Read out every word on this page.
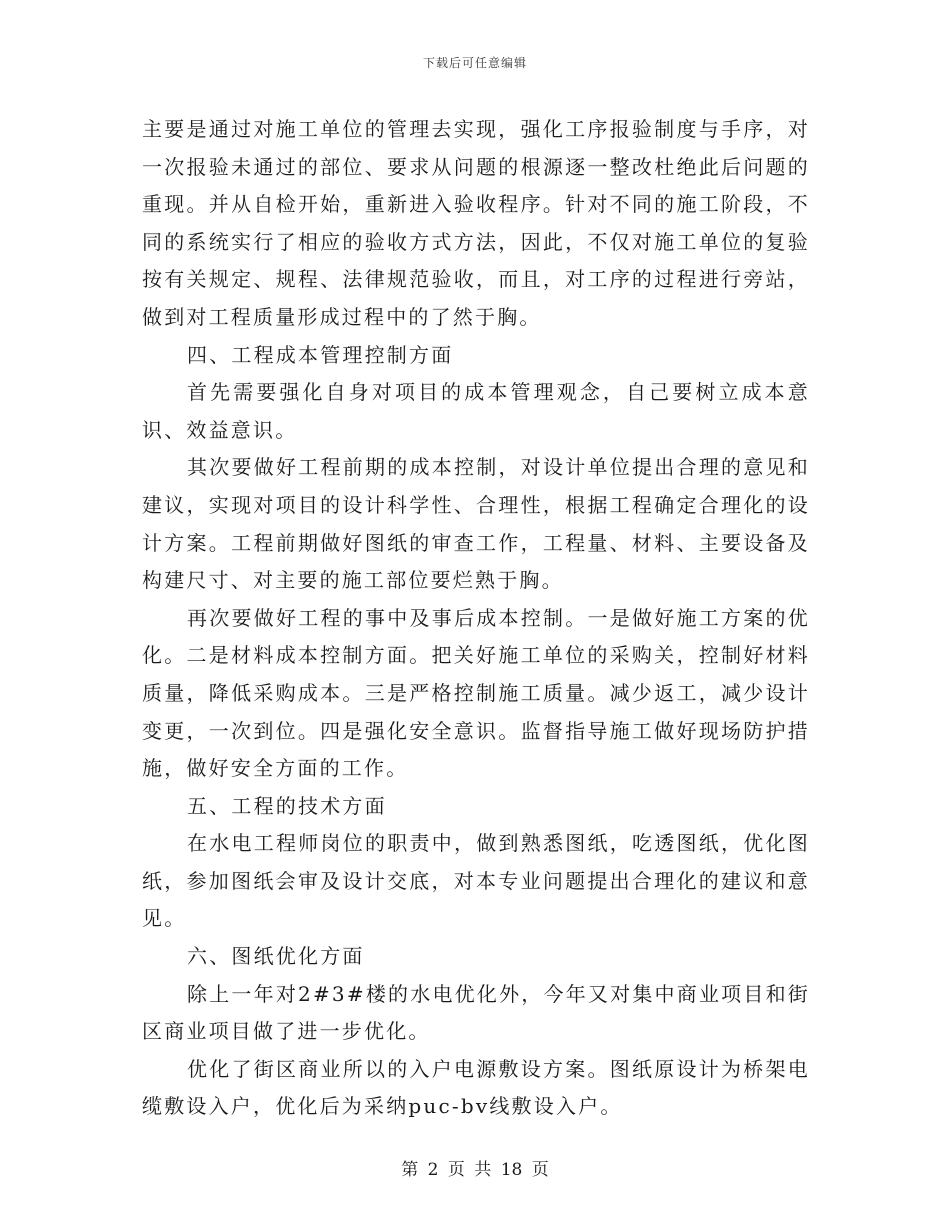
下载后可任意编辑

主要是通过对施工单位的管理去实现，强化工序报验制度与手序，对一次报验未通过的部位、要求从问题的根源逐一整改杜绝此后问题的重现。并从自检开始，重新进入验收程序。针对不同的施工阶段，不同的系统实行了相应的验收方式方法，因此，不仅对施工单位的复验按有关规定、规程、法律规范验收，而且，对工序的过程进行旁站，做到对工程质量形成过程中的了然于胸。

四、工程成本管理控制方面

首先需要强化自身对项目的成本管理观念，自己要树立成本意识、效益意识。

其次要做好工程前期的成本控制，对设计单位提出合理的意见和建议，实现对项目的设计科学性、合理性，根据工程确定合理化的设计方案。工程前期做好图纸的审查工作，工程量、材料、主要设备及构建尺寸、对主要的施工部位要烂熟于胸。

再次要做好工程的事中及事后成本控制。一是做好施工方案的优化。二是材料成本控制方面。把关好施工单位的采购关，控制好材料质量，降低采购成本。三是严格控制施工质量。减少返工，减少设计变更，一次到位。四是强化安全意识。监督指导施工做好现场防护措施，做好安全方面的工作。

五、工程的技术方面

在水电工程师岗位的职责中，做到熟悉图纸，吃透图纸，优化图纸，参加图纸会审及设计交底，对本专业问题提出合理化的建议和意见。

六、图纸优化方面

除上一年对2#3#楼的水电优化外，今年又对集中商业项目和街区商业项目做了进一步优化。

优化了街区商业所以的入户电源敷设方案。图纸原设计为桥架电缆敷设入户，优化后为采纳puc-bv线敷设入户。

第 2 页 共 18 页
